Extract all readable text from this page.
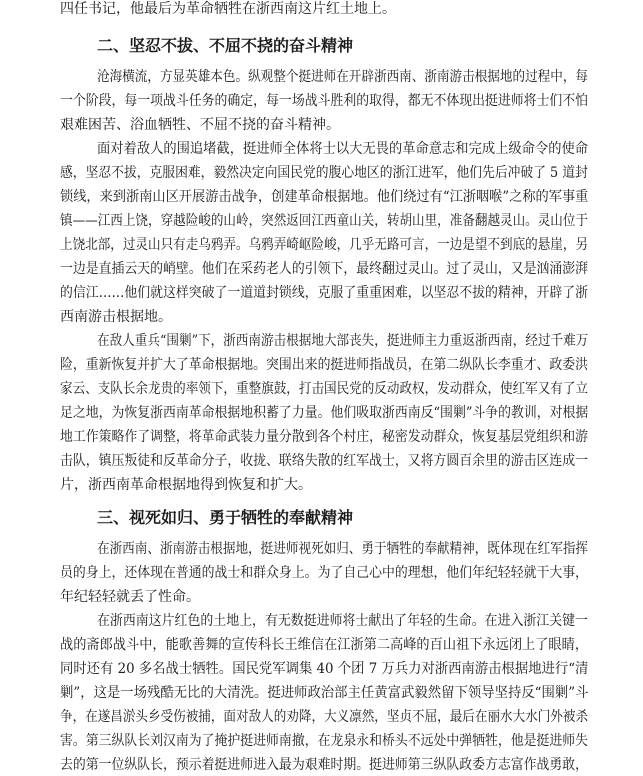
四任书记，他最后为革命牺牲在浙西南这片红土地上。
二、坚忍不拔、不屈不挠的奋斗精神
沧海横流，方显英雄本色。纵观整个挺进师在开辟浙西南、浙南游击根据地的过程中，每
一个阶段，每一项战斗任务的确定，每一场战斗胜利的取得，都无不体现出挺进师将士们不怕
艰难困苦、浴血牺牲、不屈不挠的奋斗精神。
面对着敌人的围追堵截，挺进师全体将士以大无畏的革命意志和完成上级命令的使命
感，坚忍不拔，克服困难，毅然决定向国民党的腹心地区的浙江进军，他们先后冲破了 5 道封
锁线，来到浙南山区开展游击战争，创建革命根据地。他们绕过有“江浙咽喉”之称的军事重
镇——江西上饶，穿越险峻的山岭，突然返回江西童山关，转胡山里，准备翻越灵山。灵山位于
上饶北部，过灵山只有走乌鸦弄。乌鸦弄崎岖险峻，几乎无路可言，一边是望不到底的悬崖，另
一边是直插云天的峭壁。他们在采药老人的引领下，最终翻过灵山。过了灵山，又是汹涌澎湃
的信江……他们就这样突破了一道道封锁线，克服了重重困难，以坚忍不拔的精神，开辟了浙
西南游击根据地。
在敌人重兵“围剿”下，浙西南游击根据地大部丧失，挺进师主力重返浙西南，经过千难万
险，重新恢复并扩大了革命根据地。突围出来的挺进师指战员，在第二纵队长李重才、政委洪
家云、支队长余龙贵的率领下，重整旗鼓，打击国民党的反动政权，发动群众，使红军又有了立
足之地，为恢复浙西南革命根据地积蓄了力量。他们吸取浙西南反“围剿”斗争的教训，对根据
地工作策略作了调整，将革命武装力量分散到各个村庄，秘密发动群众，恢复基层党组织和游
击队，镇压叛徒和反革命分子，收拢、联络失散的红军战士，又将方圆百余里的游击区连成一
片，浙西南革命根据地得到恢复和扩大。
三、视死如归、勇于牺牲的奉献精神
在浙西南、浙南游击根据地，挺进师视死如归、勇于牺牲的奉献精神，既体现在红军指挥
员的身上，还体现在普通的战士和群众身上。为了自己心中的理想，他们年纪轻轻就干大事，
年纪轻轻就丢了性命。
在浙西南这片红色的土地上，有无数挺进师将士献出了年轻的生命。在进入浙江关键一
战的斋郎战斗中，能歌善舞的宣传科长王维信在江浙第二高峰的百山祖下永远闭上了眼睛，
同时还有 20 多名战士牺牲。国民党军调集 40 个团 7 万兵力对浙西南游击根据地进行“清
剿”，这是一场残酷无比的大清洗。挺进师政治部主任黄富武毅然留下领导坚持反“围剿”斗
争，在遂昌淤头乡受伤被捕，面对敌人的劝降，大义凛然，坚贞不屈，最后在丽水大水门外被杀
害。第三纵队长刘汉南为了掩护挺进师南撤，在龙泉永和桥头不远处中弹牺牲，他是挺进师失
去的第一位纵队长，预示着挺进师进入最为艰难时期。挺进师第三纵队政委方志富作战勇敢，
